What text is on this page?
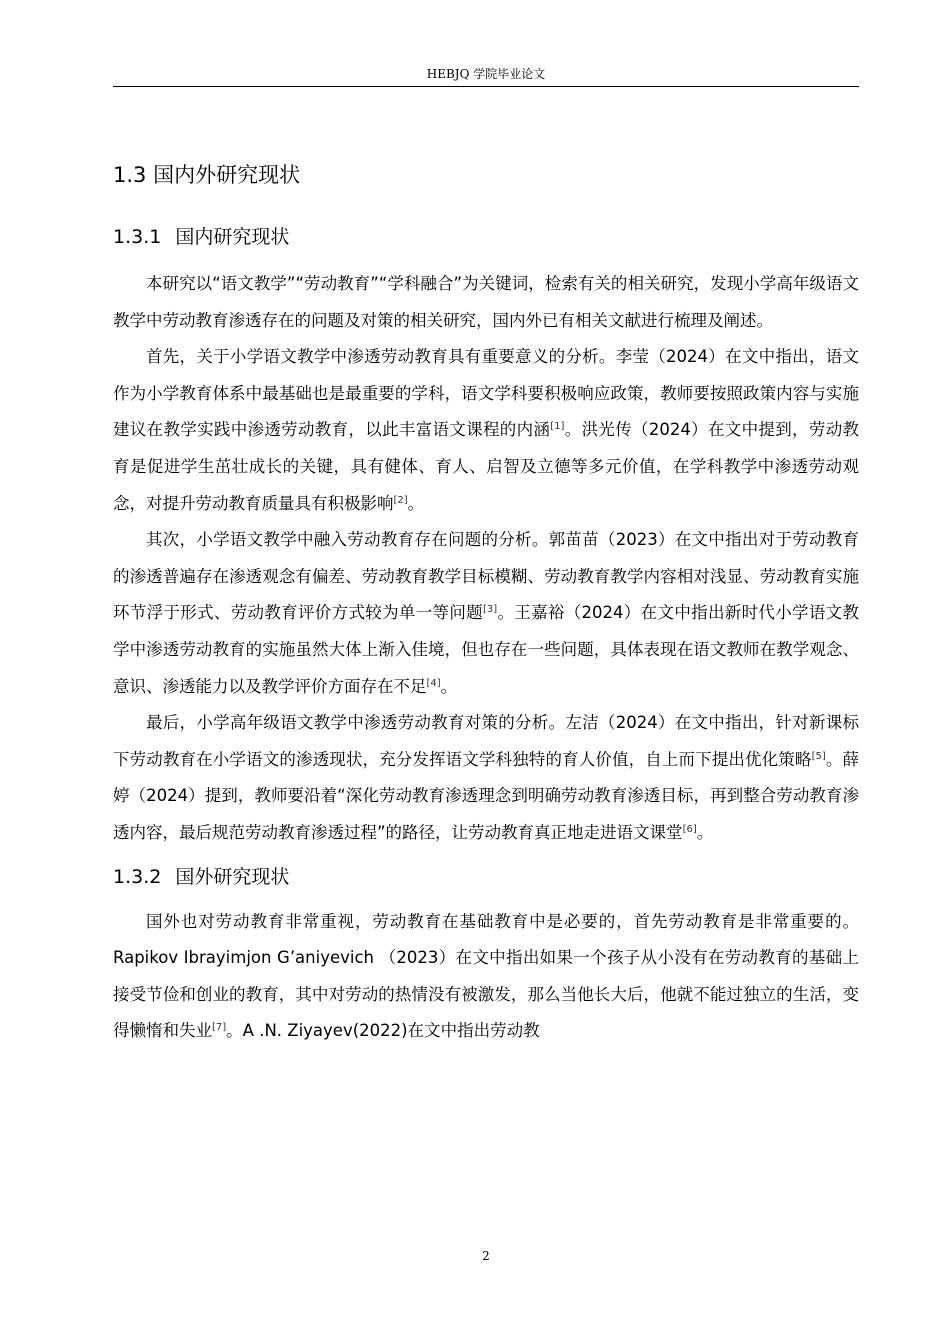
HEBJQ 学院毕业论文
1.3 国内外研究现状
1.3.1 国内研究现状

本研究以“语文教学”“劳动教育”“学科融合”为关键词，检索有关的相关研究，发现小学高年级语文教学中劳动教育渗透存在的问题及对策的相关研究，国内外已有相关文献进行梳理及阐述。

首先，关于小学语文教学中渗透劳动教育具有重要意义的分析。李莹（2024）在文中指出，语文作为小学教育体系中最基础也是最重要的学科，语文学科要积极响应政策，教师要按照政策内容与实施建议在教学实践中渗透劳动教育，以此丰富语文课程的内涵[1]。洪光传（2024）在文中提到，劳动教育是促进学生茁壮成长的关键，具有健体、育人、启智及立德等多元价值，在学科教学中渗透劳动观念，对提升劳动教育质量具有积极影响[2]。

其次，小学语文教学中融入劳动教育存在问题的分析。郭苗苗（2023）在文中指出对于劳动教育的渗透普遍存在渗透观念有偏差、劳动教育教学目标模糊、劳动教育教学内容相对浅显、劳动教育实施环节浮于形式、劳动教育评价方式较为单一等问题[3]。王嘉裕（2024）在文中指出新时代小学语文教学中渗透劳动教育的实施虽然大体上渐入佳境，但也存在一些问题，具体表现在语文教师在教学观念、意识、渗透能力以及教学评价方面存在不足[4]。

最后，小学高年级语文教学中渗透劳动教育对策的分析。左洁（2024）在文中指出，针对新课标下劳动教育在小学语文的渗透现状，充分发挥语文学科独特的育人价值，自上而下提出优化策略[5]。薛婷（2024）提到，教师要沿着“深化劳动教育渗透理念到明确劳动教育渗透目标，再到整合劳动教育渗透内容，最后规范劳动教育渗透过程”的路径，让劳动教育真正地走进语文课堂[6]。

1.3.2 国外研究现状

国外也对劳动教育非常重视，劳动教育在基础教育中是必要的，首先劳动教育是非常重要的。Rapikov Ibrayimjon G’aniyevich （2023）在文中指出如果一个孩子从小没有在劳动教育的基础上接受节俭和创业的教育，其中对劳动的热情没有被激发，那么当他长大后，他就不能过独立的生活，变得懒惰和失业[7]。A .N. Ziyayev(2022)在文中指出劳动教

2
